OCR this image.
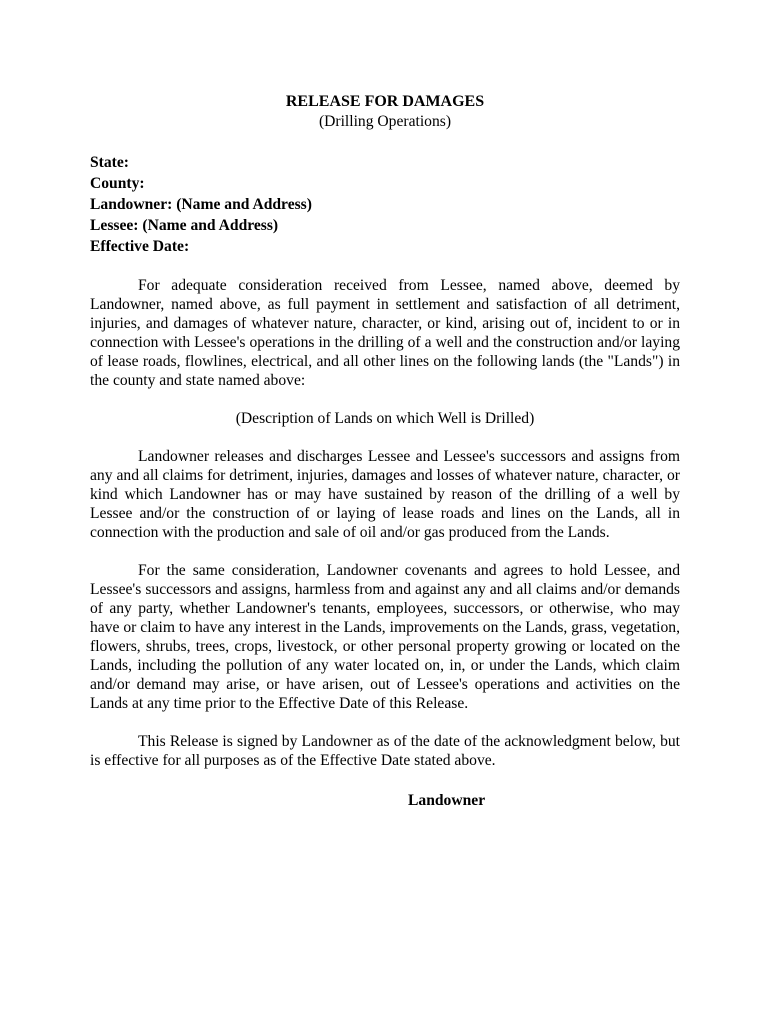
RELEASE FOR DAMAGES
(Drilling Operations)
State:
County:
Landowner: (Name and Address)
Lessee: (Name and Address)
Effective Date:

For adequate consideration received from Lessee, named above, deemed by Landowner, named above, as full payment in settlement and satisfaction of all detriment, injuries, and damages of whatever nature, character, or kind, arising out of, incident to or in connection with Lessee's operations in the drilling of a well and the construction and/or laying of lease roads, flowlines, electrical, and all other lines on the following lands (the "Lands") in the county and state named above:

(Description of Lands on which Well is Drilled)

Landowner releases and discharges Lessee and Lessee's successors and assigns from any and all claims for detriment, injuries, damages and losses of whatever nature, character, or kind which Landowner has or may have sustained by reason of the drilling of a well by Lessee and/or the construction of or laying of lease roads and lines on the Lands, all in connection with the production and sale of oil and/or gas produced from the Lands.

For the same consideration, Landowner covenants and agrees to hold Lessee, and Lessee's successors and assigns, harmless from and against any and all claims and/or demands of any party, whether Landowner's tenants, employees, successors, or otherwise, who may have or claim to have any interest in the Lands, improvements on the Lands, grass, vegetation, flowers, shrubs, trees, crops, livestock, or other personal property growing or located on the Lands, including the pollution of any water located on, in, or under the Lands, which claim and/or demand may arise, or have arisen, out of Lessee's operations and activities on the Lands at any time prior to the Effective Date of this Release.

This Release is signed by Landowner as of the date of the acknowledgment below, but is effective for all purposes as of the Effective Date stated above.

Landowner
